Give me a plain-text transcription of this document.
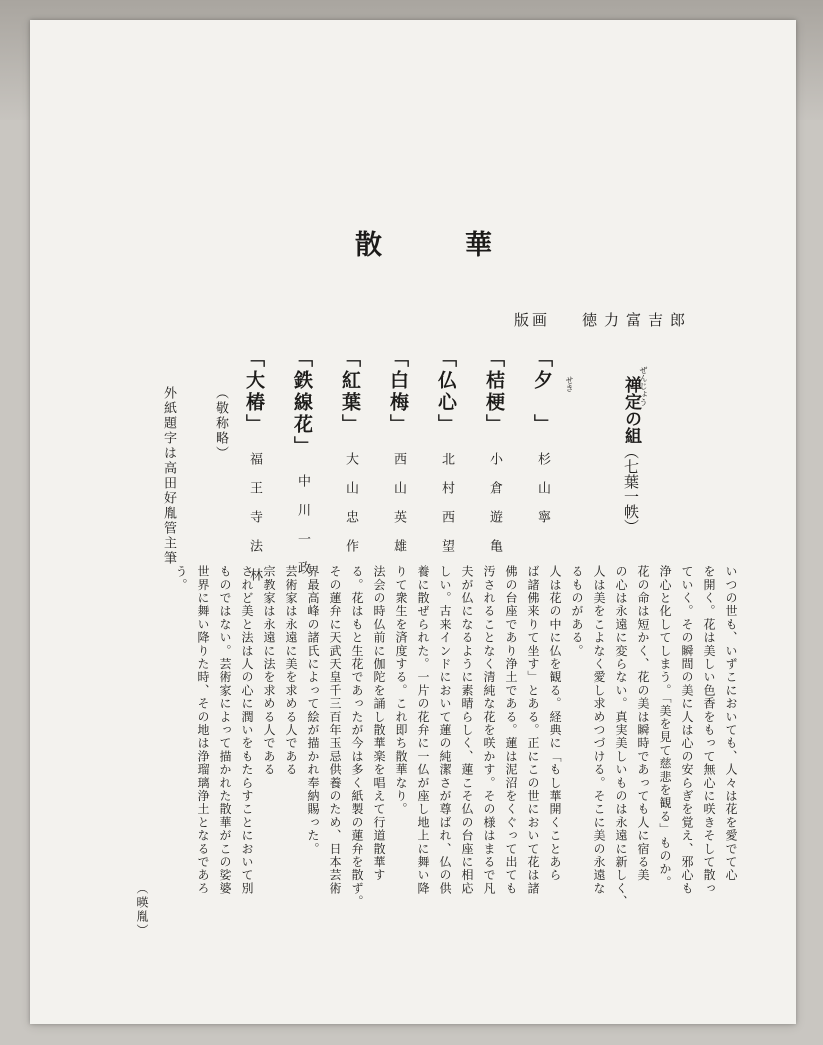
散　華
版画 徳力富吉郎
禅定の組（七葉一帙）
ぜんじょう
「夕　」杉山寧
「桔梗」小倉遊亀
「仏心」北村西望
「白梅」西山英雄
「紅葉」大山忠作
「鉄線花」中川一政
「大椿」福王寺法林
せき
（敬称略）
外紙題字は高田好胤管主筆
いつの世も、いずこにおいても、人々は花を愛でて心
を開く。花は美しい色香をもって無心に咲きそして散っ
ていく。その瞬間の美に人は心の安らぎを覚え、邪心も
浄心と化してしまう。「美を見て慈悲を観る」ものか。
花の命は短かく、花の美は瞬時であっても人に宿る美
の心は永遠に変らない。真実美しいものは永遠に新しく、
人は美をこよなく愛し求めつづける。そこに美の永遠な
るものがある。
人は花の中に仏を観る。経典に「もし華開くことあら
ば諸佛来りて坐す」とある。正にこの世において花は諸
佛の台座であり浄土である。蓮は泥沼をくぐって出ても
汚されることなく清純な花を咲かす。その様はまるで凡
夫が仏になるように素晴らしく、蓮こそ仏の台座に相応
しい。古来インドにおいて蓮の純潔さが尊ばれ、仏の供
養に散ぜられた。一片の花弁に一仏が座し地上に舞い降
りて衆生を済度する。これ即ち散華なり。
法会の時仏前に伽陀を誦し散華楽を唱えて行道散華す
る。花はもと生花であったが今は多く紙製の蓮弁を散ず。
その蓮弁に天武天皇千三百年玉忌供養のため、日本芸術
界最高峰の諸氏によって絵が描かれ奉納賜った。
芸術家は永遠に美を求める人である
宗教家は永遠に法を求める人である
されど美と法は人の心に潤いをもたらすことにおいて別
ものではない。芸術家によって描かれた散華がこの娑婆
世界に舞い降りた時、その地は浄瑠璃浄土となるであろ
う。
（暎胤）
